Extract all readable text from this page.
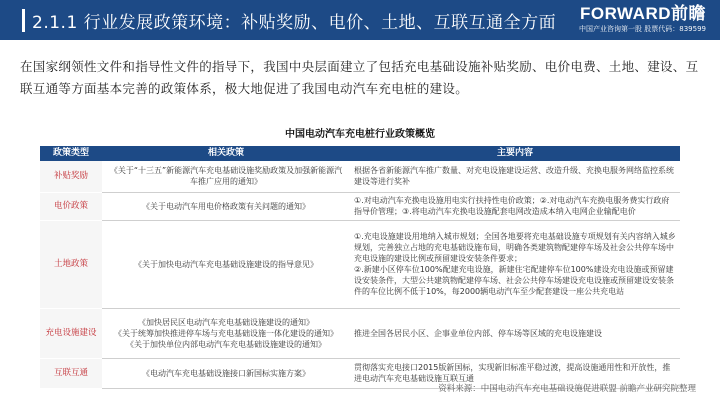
2.1.1 行业发展政策环境：补贴奖励、电价、土地、互联互通全方面 FORWARD前瞻
中国产业咨询第一股 股票代码：839599
在国家纲领性文件和指导性文件的指导下，我国中央层面建立了包括充电基础设施补贴奖励、电价电费、土地、建设、互联互通等方面基本完善的政策体系，极大地促进了我国电动汽车充电桩的建设。
中国电动汽车充电桩行业政策概览
政策类型	相关政策	主要内容
补贴奖励	《关于“十三五”新能源汽车充电基础设施奖励政策及加强新能源汽车推广应用的通知》	根据各省新能源汽车推广数量、对充电设施建设运营、改造升级、充换电服务网络监控系统建设等进行奖补

电价政策	《关于电动汽车用电价格政策有关问题的通知》	①.对电动汽车充换电设施用电实行扶持性电价政策；②.对电动汽车充换电服务费实行政府指导价管理；③.将电动汽车充换电设施配套电网改造成本纳入电网企业输配电价

土地政策	《关于加快电动汽车充电基础设施建设的指导意见》	①.充电设施建设用地纳入城市规划；全国各地要将充电基础设施专项规划有关内容纳入城乡规划，完善独立占地的充电基础设施布局，明确各类建筑物配建停车场及社会公共停车场中充电设施的建设比例或预留建设安装条件要求；
②.新建小区停车位100%配建充电设施，新建住宅配建停车位100%建设充电设施或预留建设安装条件，大型公共建筑物配建停车场、社会公共停车场建设充电设施或预留建设安装条件的车位比例不低于10%，每2000辆电动汽车至少配套建设一座公共充电站

充电设施建设	《加快居民区电动汽车充电基础设施建设的通知》
《关于统筹加快推进停车场与充电基础设施一体化建设的通知》
《关于加快单位内部电动汽车充电基础设施建设的通知》	推进全国各居民小区、企事业单位内部、停车场等区域的充电设施建设

互联互通	《电动汽车充电基础设施接口新国标实施方案》	贯彻落实充电接口2015版新国标，实现新旧标准平稳过渡，提高设施通用性和开放性，推进电动汽车充电基础设施互联互通
资料来源：中国电动汽车充电基础设施促进联盟 前瞻产业研究院整理
